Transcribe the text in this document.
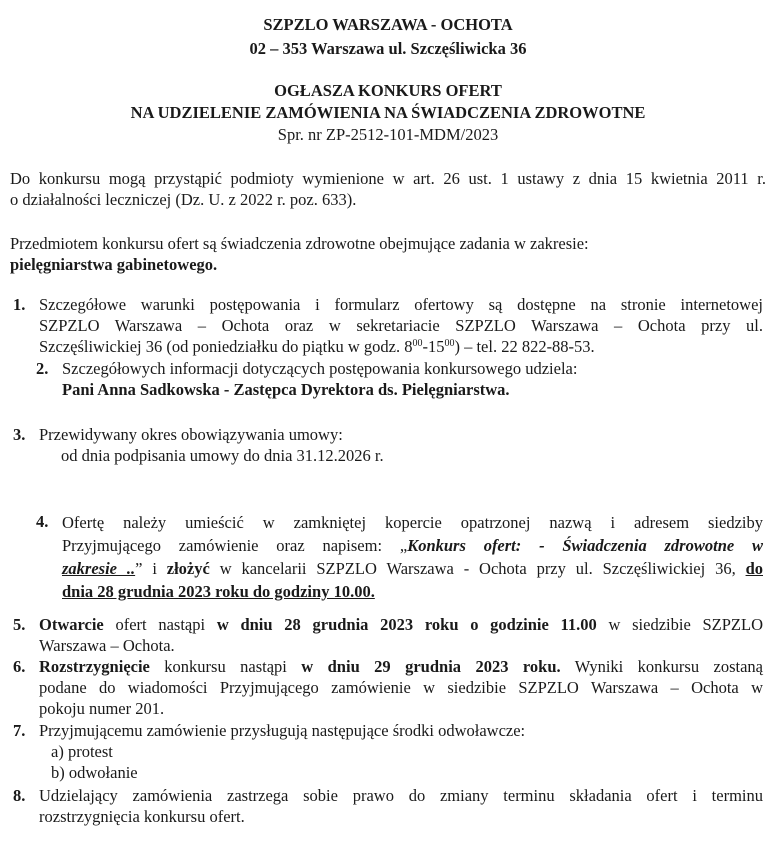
SZPZLO WARSZAWA - OCHOTA
02 – 353 Warszawa ul. Szczęśliwicka 36
OGŁASZA KONKURS OFERT
NA UDZIELENIE ZAMÓWIENIA NA ŚWIADCZENIA ZDROWOTNE
Spr. nr ZP-2512-101-MDM/2023
Do konkursu mogą przystąpić podmioty wymienione w art. 26 ust. 1 ustawy z dnia 15 kwietnia 2011 r.
o działalności leczniczej (Dz. U. z 2022 r. poz. 633).
Przedmiotem konkursu ofert są świadczenia zdrowotne obejmujące zadania w zakresie:
pielęgniarstwa gabinetowego.
1. Szczegółowe warunki postępowania i formularz ofertowy są dostępne na stronie internetowej
SZPZLO Warszawa – Ochota oraz w sekretariacie SZPZLO Warszawa – Ochota przy ul.
Szczęśliwickiej 36 (od poniedziałku do piątku w godz. $8^{00}-15^{00}$) – tel. 22 822-88-53.
2. Szczegółowych informacji dotyczących postępowania konkursowego udziela:
Pani Anna Sadkowska - Zastępca Dyrektora ds. Pielęgniarstwa.
3. Przewidywany okres obowiązywania umowy:
od dnia podpisania umowy do dnia 31.12.2026 r.
4. Ofertę należy umieścić w zamkniętej kopercie opatrzonej nazwą i adresem siedziby
Przyjmującego zamówienie oraz napisem: „Konkurs ofert: - Świadczenia zdrowotne w
zakresie ..” i złożyć w kancelarii SZPZLO Warszawa - Ochota przy ul. Szczęśliwickiej 36, do
dnia 28 grudnia 2023 roku do godziny 10.00.
5. Otwarcie ofert nastąpi w dniu 28 grudnia 2023 roku o godzinie 11.00 w siedzibie SZPZLO
Warszawa – Ochota.
6. Rozstrzygnięcie konkursu nastąpi w dniu 29 grudnia 2023 roku. Wyniki konkursu zostaną
podane do wiadomości Przyjmującego zamówienie w siedzibie SZPZLO Warszawa – Ochota w
pokoju numer 201.
7. Przyjmującemu zamówienie przysługują następujące środki odwoławcze:
a) protest
b) odwołanie
8. Udzielający zamówienia zastrzega sobie prawo do zmiany terminu składania ofert i terminu
rozstrzygnięcia konkursu ofert.
